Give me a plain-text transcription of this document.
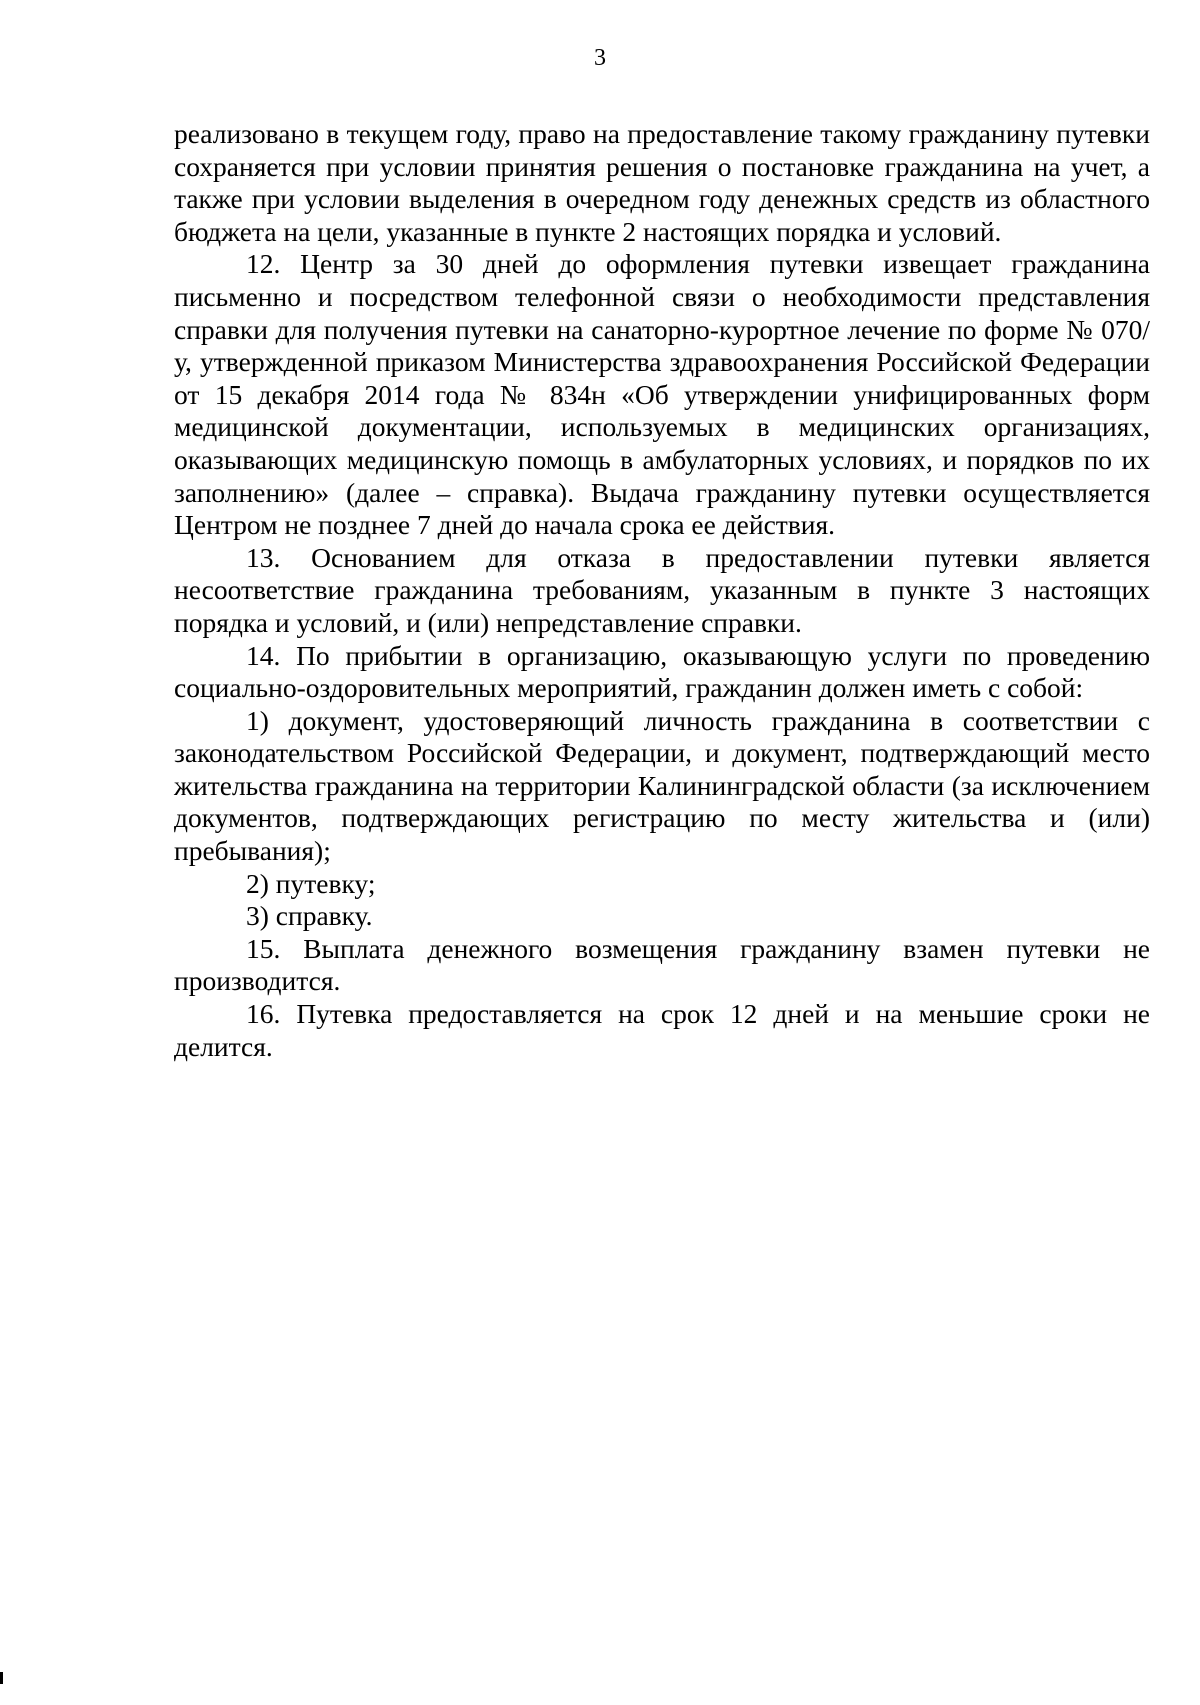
3

реализовано в текущем году, право на предоставление такому гражданину путевки сохраняется при условии принятия решения о постановке гражданина на учет, а также при условии выделения в очередном году денежных средств из областного бюджета на цели, указанные в пункте 2 настоящих порядка и условий.

12. Центр за 30 дней до оформления путевки извещает гражданина письменно и посредством телефонной связи о необходимости представления справки для получения путевки на санаторно-курортное лечение по форме № 070/у, утвержденной приказом Министерства здравоохранения Российской Федерации от 15 декабря 2014 года № 834н «Об утверждении унифицированных форм медицинской документации, используемых в медицинских организациях, оказывающих медицинскую помощь в амбулаторных условиях, и порядков по их заполнению» (далее – справка). Выдача гражданину путевки осуществляется Центром не позднее 7 дней до начала срока ее действия.

13. Основанием для отказа в предоставлении путевки является несоответствие гражданина требованиям, указанным в пункте 3 настоящих порядка и условий, и (или) непредставление справки.

14. По прибытии в организацию, оказывающую услуги по проведению социально-оздоровительных мероприятий, гражданин должен иметь с собой:

1) документ, удостоверяющий личность гражданина в соответствии с законодательством Российской Федерации, и документ, подтверждающий место жительства гражданина на территории Калининградской области (за исключением документов, подтверждающих регистрацию по месту жительства и (или) пребывания);

2) путевку;

3) справку.

15. Выплата денежного возмещения гражданину взамен путевки не производится.

16. Путевка предоставляется на срок 12 дней и на меньшие сроки не делится.
